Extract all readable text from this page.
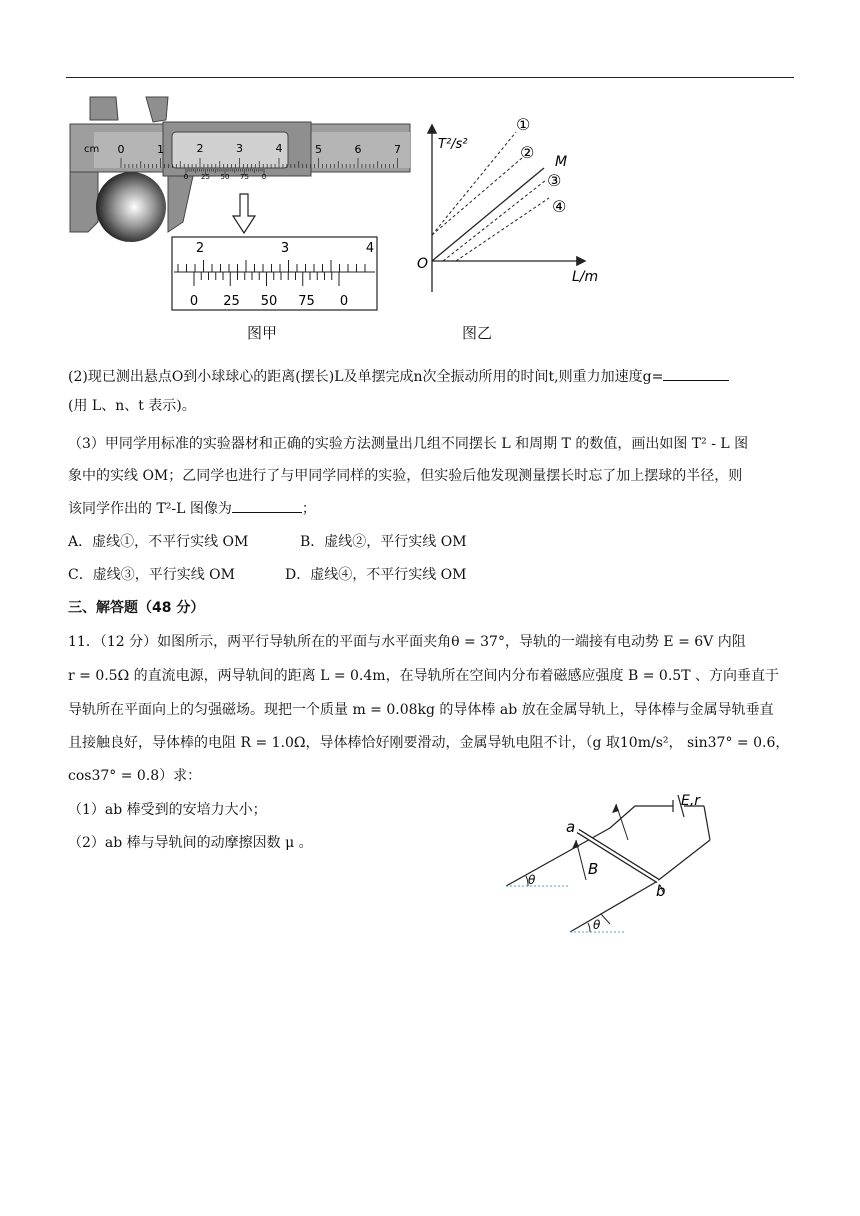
cm 0	1	5	6	7
2	3	4
0 25 50 75 0
2	3	4
0 25 50 75 0
图甲
T²/s²
L/m
O
①
② M
③
④
图乙
(2)现已测出悬点O到小球球心的距离(摆长)L及单摆完成n次全振动所用的时间t,则重力加速度g=
(用 L、n、t 表示)。
（3）甲同学用标准的实验器材和正确的实验方法测量出几组不同摆长 L 和周期 T 的数值，画出如图 T² - L 图
象中的实线 OM；乙同学也进行了与甲同学同样的实验，但实验后他发现测量摆长时忘了加上摆球的半径，则
该同学作出的 T²-L 图像为	；
A．虚线①，不平行实线 OM	B．虚线②，平行实线 OM
C．虚线③，平行实线 OM	D．虚线④，不平行实线 OM
三、解答题（48 分）
11．（12 分）如图所示，两平行导轨所在的平面与水平面夹角θ = 37°，导轨的一端接有电动势 E = 6V 内阻
r = 0.5Ω 的直流电源，两导轨间的距离 L = 0.4m，在导轨所在空间内分布着磁感应强度 B = 0.5T 、方向垂直于
导轨所在平面向上的匀强磁场。现把一个质量 m = 0.08kg 的导体棒 ab 放在金属导轨上，导体棒与金属导轨垂直
且接触良好，导体棒的电阻 R = 1.0Ω，导体棒恰好刚要滑动，金属导轨电阻不计，（g 取10m/s²， sin37° = 0.6，
cos37° = 0.8）求：
（1）ab 棒受到的安培力大小；
（2）ab 棒与导轨间的动摩擦因数 μ 。
E,r
a
b
B
θ
θ
